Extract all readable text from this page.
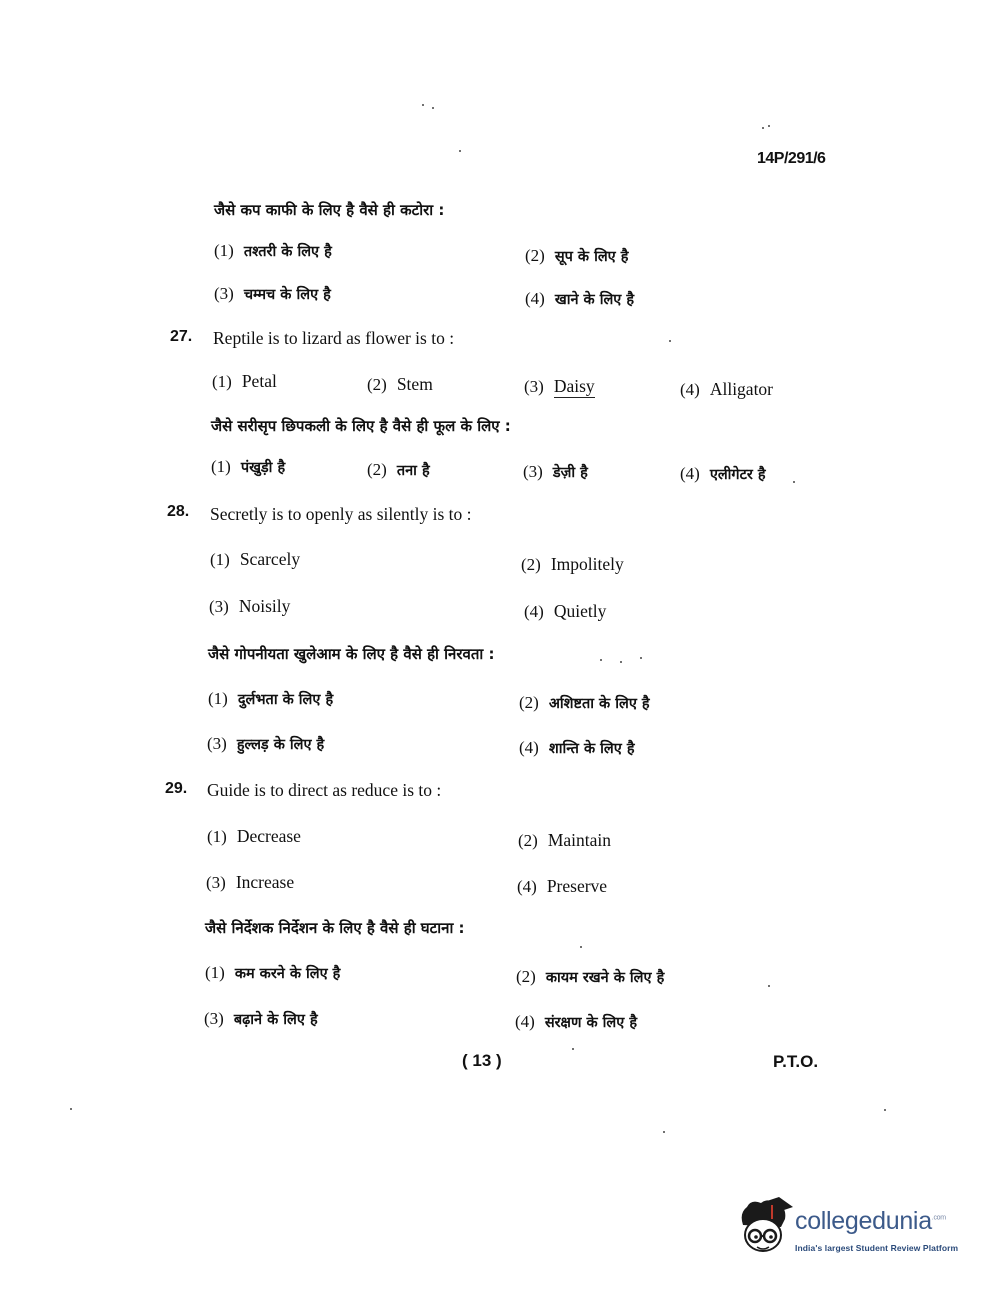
14P/291/6
जैसे कप काफी के लिए है वैसे ही कटोरा :
(1) तश्तरी के लिए है	(2) सूप के लिए है
(3) चम्मच के लिए है	(4) खाने के लिए है
27. Reptile is to lizard as flower is to :
(1) Petal	(2) Stem	(3) Daisy	(4) Alligator
जैसे सरीसृप छिपकली के लिए है वैसे ही फूल के लिए :
(1) पंखुड़ी है	(2) तना है	(3) डेज़ी है	(4) एलीगेटर है
28. Secretly is to openly as silently is to :
(1) Scarcely	(2) Impolitely
(3) Noisily	(4) Quietly
जैसे गोपनीयता खुलेआम के लिए है वैसे ही निरवता :
(1) दुर्लभता के लिए है	(2) अशिष्टता के लिए है
(3) हुल्लड़ के लिए है	(4) शान्ति के लिए है
29. Guide is to direct as reduce is to :
(1) Decrease	(2) Maintain
(3) Increase	(4) Preserve
जैसे निर्देशक निर्देशन के लिए है वैसे ही घटाना :
(1) कम करने के लिए है	(2) कायम रखने के लिए है
(3) बढ़ाने के लिए है	(4) संरक्षण के लिए है
( 13 )	P.T.O.
collegedunia$^{.com}$
India's largest Student Review Platform
